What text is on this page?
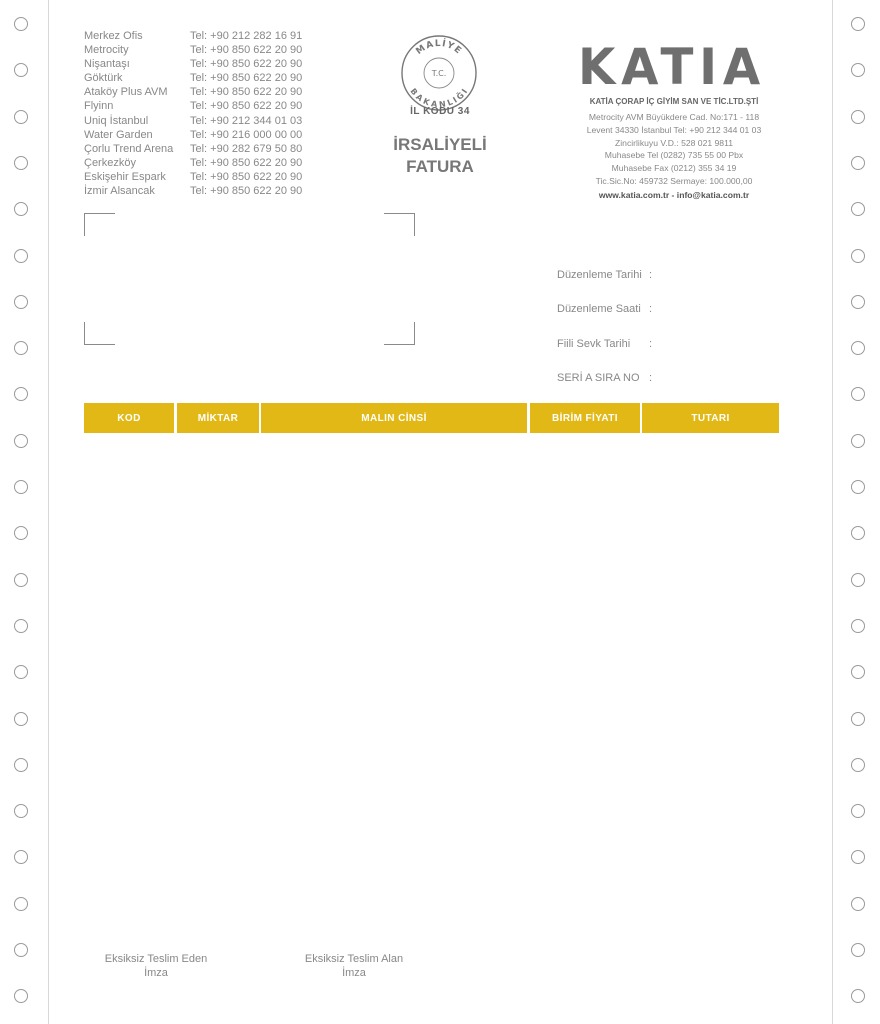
Merkez Ofis	Tel: +90 212 282 16 91
Metrocity	Tel: +90 850 622 20 90
Nişantaşı	Tel: +90 850 622 20 90
Göktürk	Tel: +90 850 622 20 90
Ataköy Plus AVM	Tel: +90 850 622 20 90
Flyinn	Tel: +90 850 622 20 90
Uniq İstanbul	Tel: +90 212 344 01 03
Water Garden	Tel: +90 216 000 00 00
Çorlu Trend Arena	Tel: +90 282 679 50 80
Çerkezköy	Tel: +90 850 622 20 90
Eskişehir Espark	Tel: +90 850 622 20 90
İzmir Alsancak	Tel: +90 850 622 20 90
MALİYE
BAKANLIĞI
T.C.
İL KODU 34
İRSALİYELİ
FATURA
KATIA
KATİA ÇORAP İÇ GİYİM SAN VE TİC.LTD.ŞTİ
Metrocity AVM Büyükdere Cad. No:171 - 118
Levent 34330 İstanbul Tel: +90 212 344 01 03
Zincirlikuyu V.D.: 528 021 9811
Muhasebe Tel (0282) 735 55 00 Pbx
Muhasebe Fax (0212) 355 34 19
Tic.Sic.No: 459732 Sermaye: 100.000,00
www.katia.com.tr - info@katia.com.tr
Düzenleme Tarihi :
Düzenleme Saati :
Fiili Sevk Tarihi	:
SERİ A SIRA NO :
KOD	MİKTAR	MALIN CİNSİ	BİRİM FİYATI	TUTARI
Eksiksiz Teslim Eden
İmza
Eksiksiz Teslim Alan
İmza
